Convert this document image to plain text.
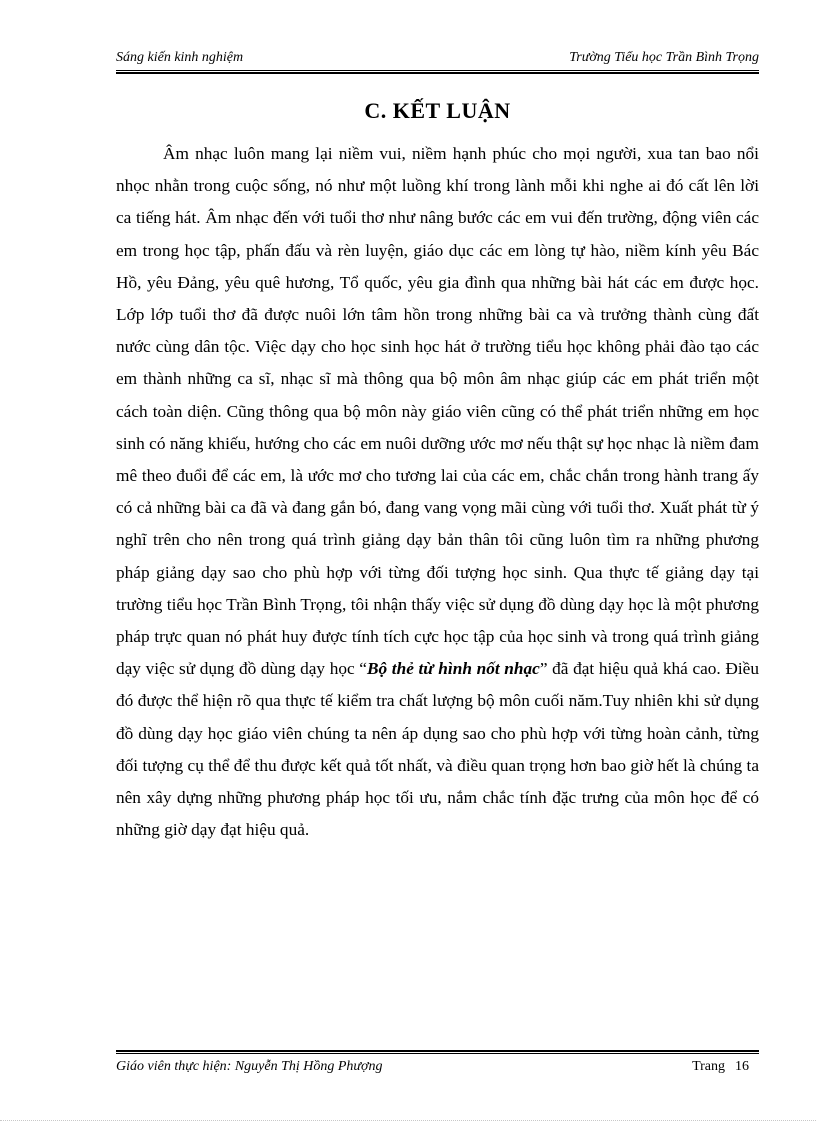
Sáng kiến kinh nghiệm	Trường Tiểu học Trần Bình Trọng
C. KẾT LUẬN

Âm nhạc luôn mang lại niềm vui, niềm hạnh phúc cho mọi người, xua tan bao nổi nhọc nhằn trong cuộc sống, nó như một luồng khí trong lành mỗi khi nghe ai đó cất lên lời ca tiếng hát. Âm nhạc đến với tuổi thơ như nâng bước các em vui đến trường, động viên các em trong học tập, phấn đấu và rèn luyện, giáo dục các em lòng tự hào, niềm kính yêu Bác Hồ, yêu Đảng, yêu quê hương, Tổ quốc, yêu gia đình qua những bài hát các em được học. Lớp lớp tuổi thơ đã được nuôi lớn tâm hồn trong những bài ca và trưởng thành cùng đất nước cùng dân tộc. Việc dạy cho học sinh học hát ở trường tiểu học không phải đào tạo các em thành những ca sĩ, nhạc sĩ mà thông qua bộ môn âm nhạc giúp các em phát triển một cách toàn diện. Cũng thông qua bộ môn này giáo viên cũng có thể phát triển những em học sinh có năng khiếu, hướng cho các em nuôi dưỡng ước mơ nếu thật sự học nhạc là niềm đam mê theo đuổi để các em, là ước mơ cho tương lai của các em, chắc chắn trong hành trang ấy có cả những bài ca đã và đang gắn bó, đang vang vọng mãi cùng với tuổi thơ. Xuất phát từ ý nghĩ trên cho nên trong quá trình giảng dạy bản thân tôi cũng luôn tìm ra những phương pháp giảng dạy sao cho phù hợp với từng đối tượng học sinh. Qua thực tế giảng dạy tại trường tiểu học Trần Bình Trọng, tôi nhận thấy việc sử dụng đồ dùng dạy học là một phương pháp trực quan nó phát huy được tính tích cực học tập của học sinh và trong quá trình giảng dạy việc sử dụng đồ dùng dạy học “Bộ thẻ từ hình nốt nhạc” đã đạt hiệu quả khá cao. Điều đó được thể hiện rõ qua thực tế kiểm tra chất lượng bộ môn cuối năm.Tuy nhiên khi sử dụng đồ dùng dạy học giáo viên chúng ta nên áp dụng sao cho phù hợp với từng hoàn cảnh, từng đối tượng cụ thể để thu được kết quả tốt nhất, và điều quan trọng hơn bao giờ hết là chúng ta nên xây dựng những phương pháp học tối ưu, nắm chắc tính đặc trưng của môn học để có những giờ dạy đạt hiệu quả.

Giáo viên thực hiện: Nguyễn Thị Hồng Phượng	Trang 16
